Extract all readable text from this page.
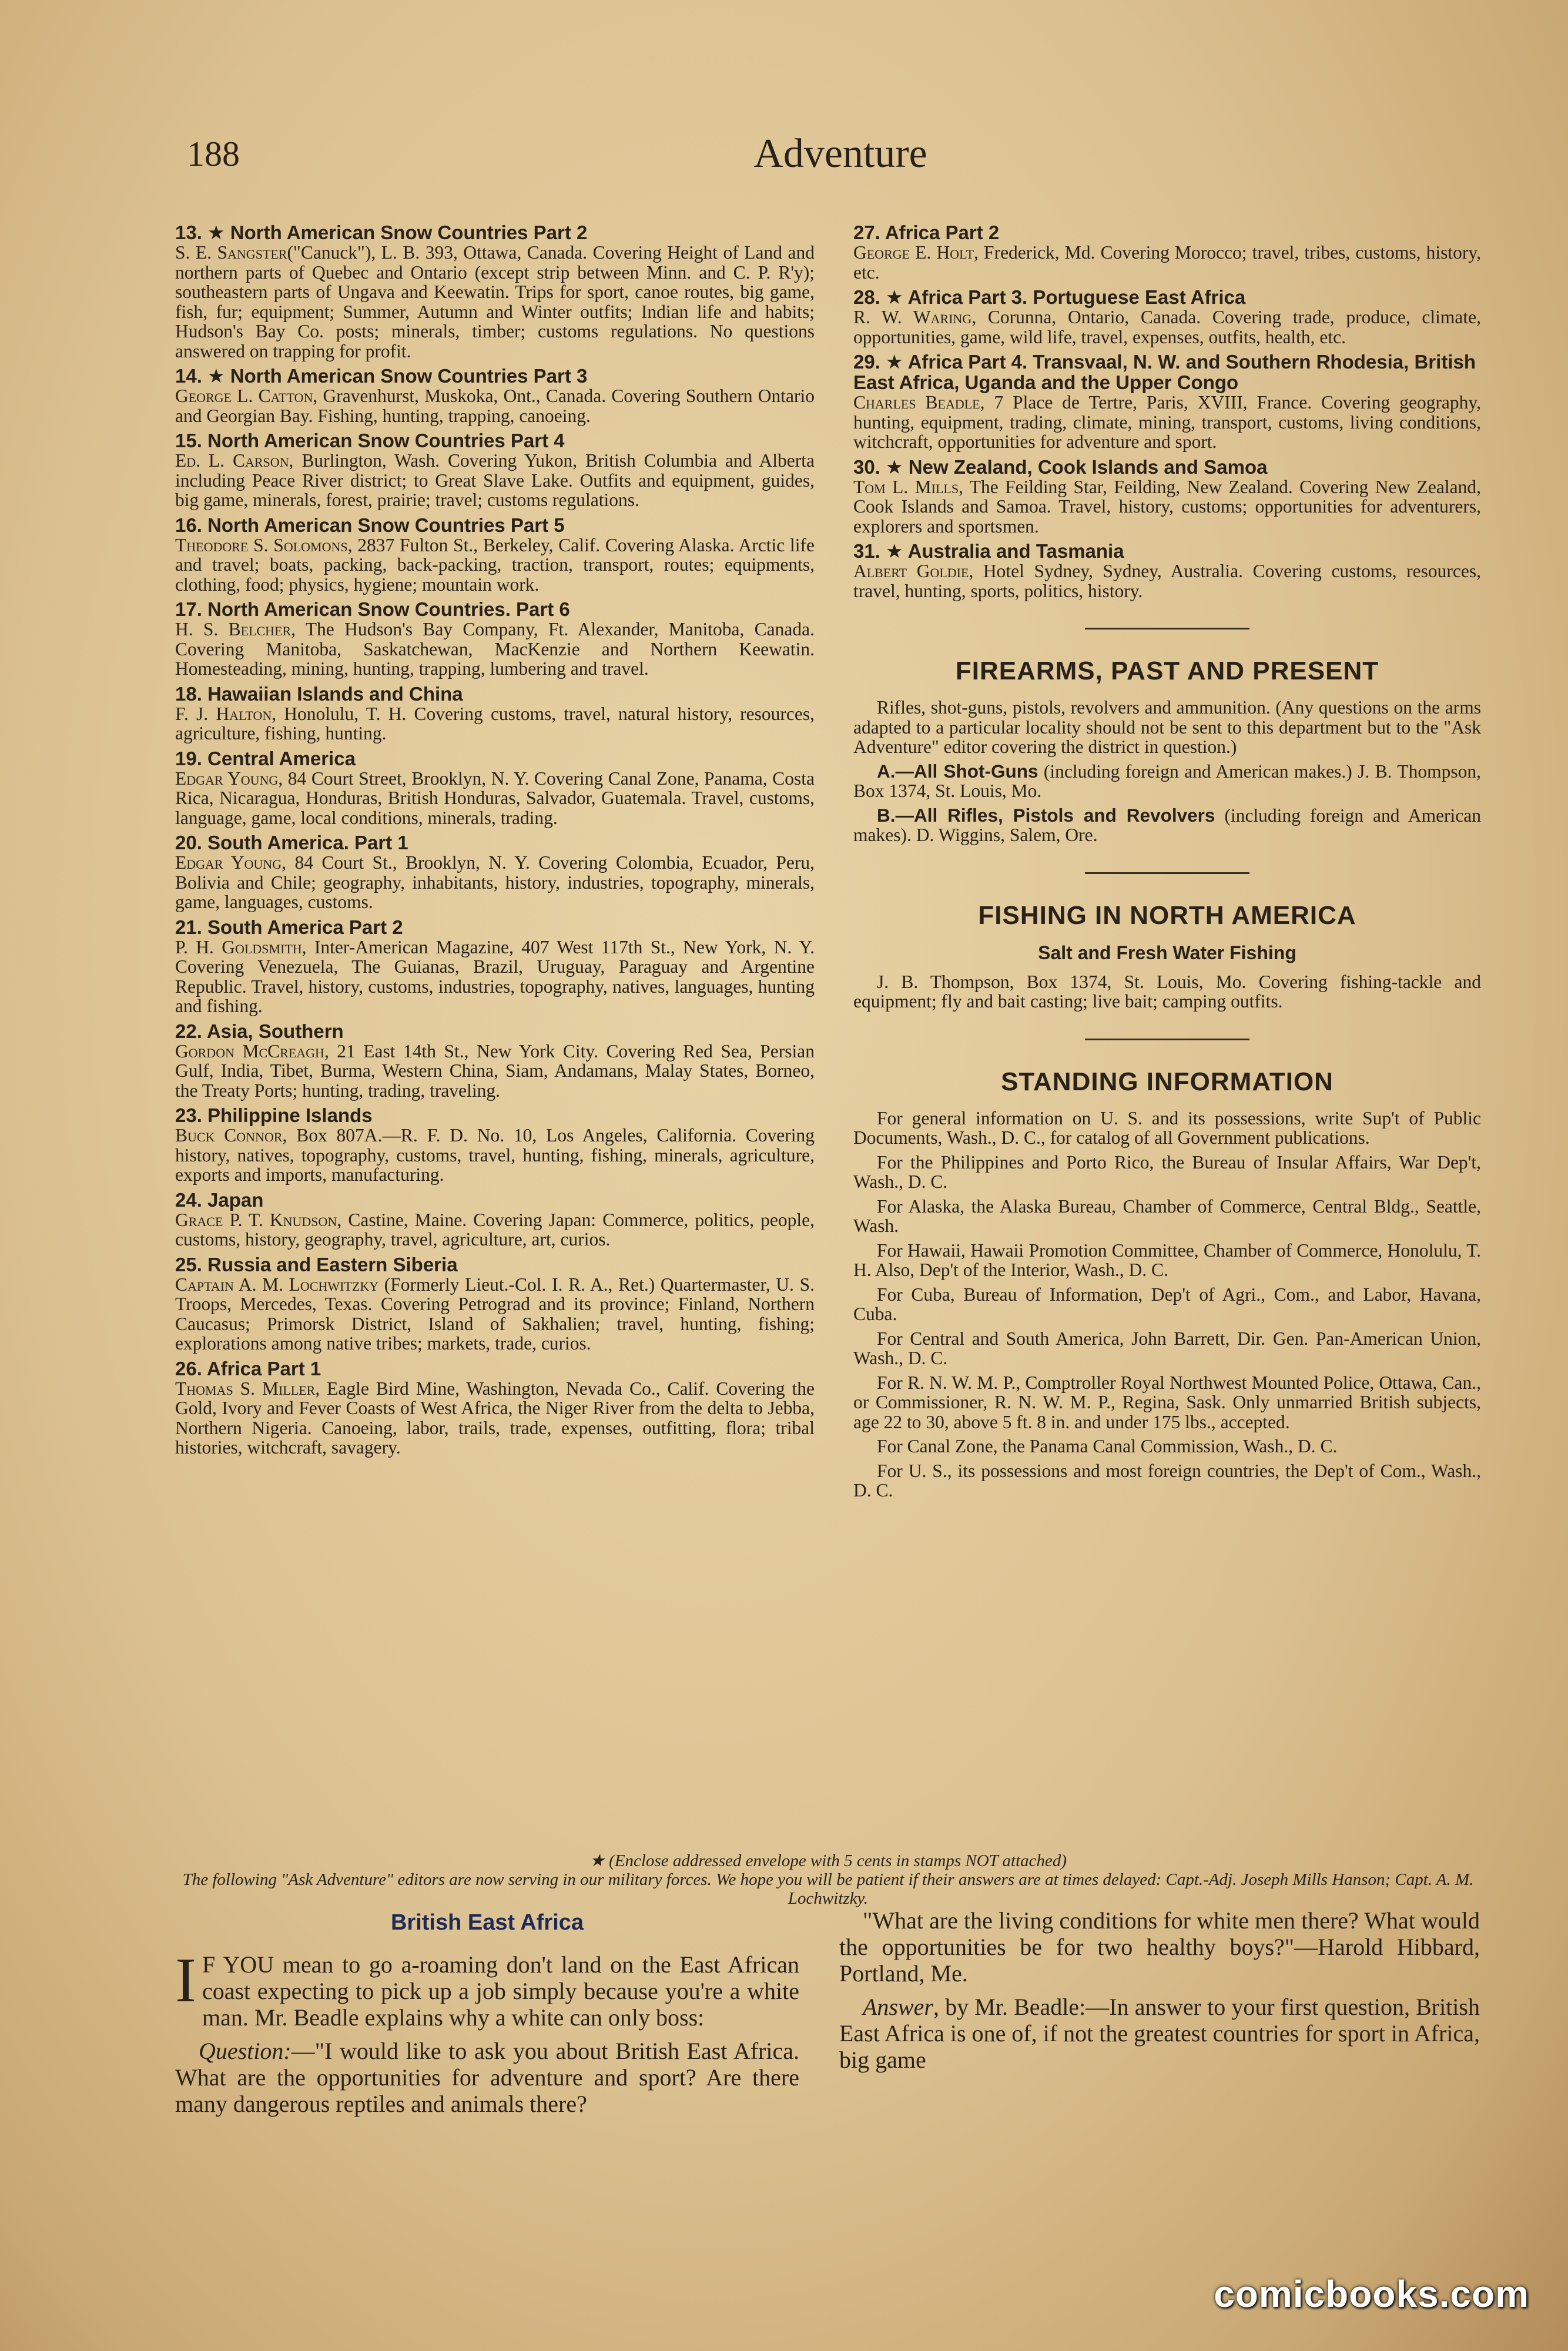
188	Adventure
13. ★ North American Snow Countries Part 2
S. E. Sangster("Canuck"), L. B. 393, Ottawa, Canada. Covering Height of Land and northern parts of Quebec and Ontario (except strip between Minn. and C. P. R'y); southeastern parts of Ungava and Keewatin. Trips for sport, canoe routes, big game, fish, fur; equipment; Summer, Autumn and Winter outfits; Indian life and habits; Hudson's Bay Co. posts; minerals, timber; customs regulations. No questions answered on trapping for profit.
14. ★ North American Snow Countries Part 3
George L. Catton, Gravenhurst, Muskoka, Ont., Canada. Covering Southern Ontario and Georgian Bay. Fishing, hunting, trapping, canoeing.
15. North American Snow Countries Part 4
Ed. L. Carson, Burlington, Wash. Covering Yukon, British Columbia and Alberta including Peace River district; to Great Slave Lake. Outfits and equipment, guides, big game, minerals, forest, prairie; travel; customs regulations.
16. North American Snow Countries Part 5
Theodore S. Solomons, 2837 Fulton St., Berkeley, Calif. Covering Alaska. Arctic life and travel; boats, packing, back-packing, traction, transport, routes; equipments, clothing, food; physics, hygiene; mountain work.
17. North American Snow Countries. Part 6
H. S. Belcher, The Hudson's Bay Company, Ft. Alexander, Manitoba, Canada. Covering Manitoba, Saskatchewan, MacKenzie and Northern Keewatin. Homesteading, mining, hunting, trapping, lumbering and travel.
18. Hawaiian Islands and China
F. J. Halton, Honolulu, T. H. Covering customs, travel, natural history, resources, agriculture, fishing, hunting.
19. Central America
Edgar Young, 84 Court Street, Brooklyn, N. Y. Covering Canal Zone, Panama, Costa Rica, Nicaragua, Honduras, British Honduras, Salvador, Guatemala. Travel, customs, language, game, local conditions, minerals, trading.
20. South America. Part 1
Edgar Young, 84 Court St., Brooklyn, N. Y. Covering Colombia, Ecuador, Peru, Bolivia and Chile; geography, inhabitants, history, industries, topography, minerals, game, languages, customs.
21. South America Part 2
P. H. Goldsmith, Inter-American Magazine, 407 West 117th St., New York, N. Y. Covering Venezuela, The Guianas, Brazil, Uruguay, Paraguay and Argentine Republic. Travel, history, customs, industries, topography, natives, languages, hunting and fishing.
22. Asia, Southern
Gordon McCreagh, 21 East 14th St., New York City. Covering Red Sea, Persian Gulf, India, Tibet, Burma, Western China, Siam, Andamans, Malay States, Borneo, the Treaty Ports; hunting, trading, traveling.
23. Philippine Islands
Buck Connor, Box 807A.—R. F. D. No. 10, Los Angeles, California. Covering history, natives, topography, customs, travel, hunting, fishing, minerals, agriculture, exports and imports, manufacturing.
24. Japan
Grace P. T. Knudson, Castine, Maine. Covering Japan: Commerce, politics, people, customs, history, geography, travel, agriculture, art, curios.
25. Russia and Eastern Siberia
Captain A. M. Lochwitzky (Formerly Lieut.-Col. I. R. A., Ret.) Quartermaster, U. S. Troops, Mercedes, Texas. Covering Petrograd and its province; Finland, Northern Caucasus; Primorsk District, Island of Sakhalien; travel, hunting, fishing; explorations among native tribes; markets, trade, curios.
26. Africa Part 1
Thomas S. Miller, Eagle Bird Mine, Washington, Nevada Co., Calif. Covering the Gold, Ivory and Fever Coasts of West Africa, the Niger River from the delta to Jebba, Northern Nigeria. Canoeing, labor, trails, trade, expenses, outfitting, flora; tribal histories, witchcraft, savagery.
27. Africa Part 2
George E. Holt, Frederick, Md. Covering Morocco; travel, tribes, customs, history, etc.
28. ★ Africa Part 3. Portuguese East Africa
R. W. Waring, Corunna, Ontario, Canada. Covering trade, produce, climate, opportunities, game, wild life, travel, expenses, outfits, health, etc.
29. ★ Africa Part 4. Transvaal, N. W. and Southern Rhodesia, British East Africa, Uganda and the Upper Congo
Charles Beadle, 7 Place de Tertre, Paris, XVIII, France. Covering geography, hunting, equipment, trading, climate, mining, transport, customs, living conditions, witchcraft, opportunities for adventure and sport.
30. ★ New Zealand, Cook Islands and Samoa
Tom L. Mills, The Feilding Star, Feilding, New Zealand. Covering New Zealand, Cook Islands and Samoa. Travel, history, customs; opportunities for adventurers, explorers and sportsmen.
31. ★ Australia and Tasmania
Albert Goldie, Hotel Sydney, Sydney, Australia. Covering customs, resources, travel, hunting, sports, politics, history.
FIREARMS, PAST AND PRESENT
Rifles, shot-guns, pistols, revolvers and ammunition. (Any questions on the arms adapted to a particular locality should not be sent to this department but to the "Ask Adventure" editor covering the district in question.)
A.—All Shot-Guns (including foreign and American makes.) J. B. Thompson, Box 1374, St. Louis, Mo.
B.—All Rifles, Pistols and Revolvers (including foreign and American makes). D. Wiggins, Salem, Ore.
FISHING IN NORTH AMERICA
Salt and Fresh Water Fishing
J. B. Thompson, Box 1374, St. Louis, Mo. Covering fishing-tackle and equipment; fly and bait casting; live bait; camping outfits.
STANDING INFORMATION
For general information on U. S. and its possessions, write Sup't of Public Documents, Wash., D. C., for catalog of all Government publications.
For the Philippines and Porto Rico, the Bureau of Insular Affairs, War Dep't, Wash., D. C.
For Alaska, the Alaska Bureau, Chamber of Commerce, Central Bldg., Seattle, Wash.
For Hawaii, Hawaii Promotion Committee, Chamber of Commerce, Honolulu, T. H. Also, Dep't of the Interior, Wash., D. C.
For Cuba, Bureau of Information, Dep't of Agri., Com., and Labor, Havana, Cuba.
For Central and South America, John Barrett, Dir. Gen. Pan-American Union, Wash., D. C.
For R. N. W. M. P., Comptroller Royal Northwest Mounted Police, Ottawa, Can., or Commissioner, R. N. W. M. P., Regina, Sask. Only unmarried British subjects, age 22 to 30, above 5 ft. 8 in. and under 175 lbs., accepted.
For Canal Zone, the Panama Canal Commission, Wash., D. C.
For U. S., its possessions and most foreign countries, the Dep't of Com., Wash., D. C.
★ (Enclose addressed envelope with 5 cents in stamps NOT attached)
The following "Ask Adventure" editors are now serving in our military forces. We hope you will be patient if their answers are at times delayed: Capt.-Adj. Joseph Mills Hanson; Capt. A. M. Lochwitzky.
British East Africa
I F YOU mean to go a-roaming don't land on the East African coast expecting to pick up a job simply because you're a white man. Mr. Beadle explains why a white can only boss:
Question:—"I would like to ask you about British East Africa. What are the opportunities for adventure and sport? Are there many dangerous reptiles and animals there?
"What are the living conditions for white men there? What would the opportunities be for two healthy boys?"—Harold Hibbard, Portland, Me.
Answer, by Mr. Beadle:—In answer to your first question, British East Africa is one of, if not the greatest countries for sport in Africa, big game
comicbooks.com
